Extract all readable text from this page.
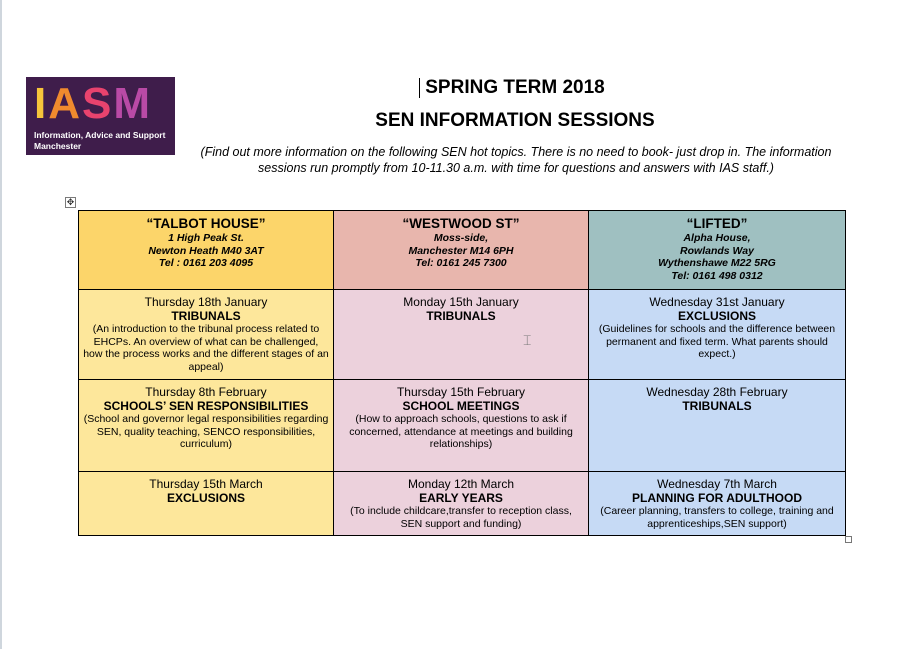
I A S M
Information, Advice and Support Manchester
SPRING TERM 2018
SEN INFORMATION SESSIONS
(Find out more information on the following SEN hot topics. There is no need to book- just drop in. The information sessions run promptly from 10-11.30 a.m. with time for questions and answers with IAS staff.)
✥
“TALBOT HOUSE”
1 High Peak St.
Newton Heath M40 3AT
Tel : 0161 203 4095	“WESTWOOD ST”
Moss-side,
Manchester M14 6PH
Tel: 0161 245 7300	“LIFTED”
Alpha House,
Rowlands Way
Wythenshawe M22 5RG
Tel: 0161 498 0312

Thursday 18th January
TRIBUNALS
(An introduction to the tribunal process related to EHCPs. An overview of what can be challenged, how the process works and the different stages of an appeal)	Monday 15th January
TRIBUNALS	Wednesday 31st January
EXCLUSIONS
(Guidelines for schools and the difference between permanent and fixed term. What parents should expect.)

Thursday 8th February
SCHOOLS’ SEN RESPONSIBILITIES
(School and governor legal responsibilities regarding SEN, quality teaching, SENCO responsibilities, curriculum)	Thursday 15th February
SCHOOL MEETINGS
(How to approach schools, questions to ask if concerned, attendance at meetings and building relationships)	Wednesday 28th February
TRIBUNALS

Thursday 15th March
EXCLUSIONS	Monday 12th March
EARLY YEARS
(To include childcare,transfer to reception class, SEN support and funding)	Wednesday 7th March
PLANNING FOR ADULTHOOD
(Career planning, transfers to college, training and apprenticeships,SEN support)
⌶
